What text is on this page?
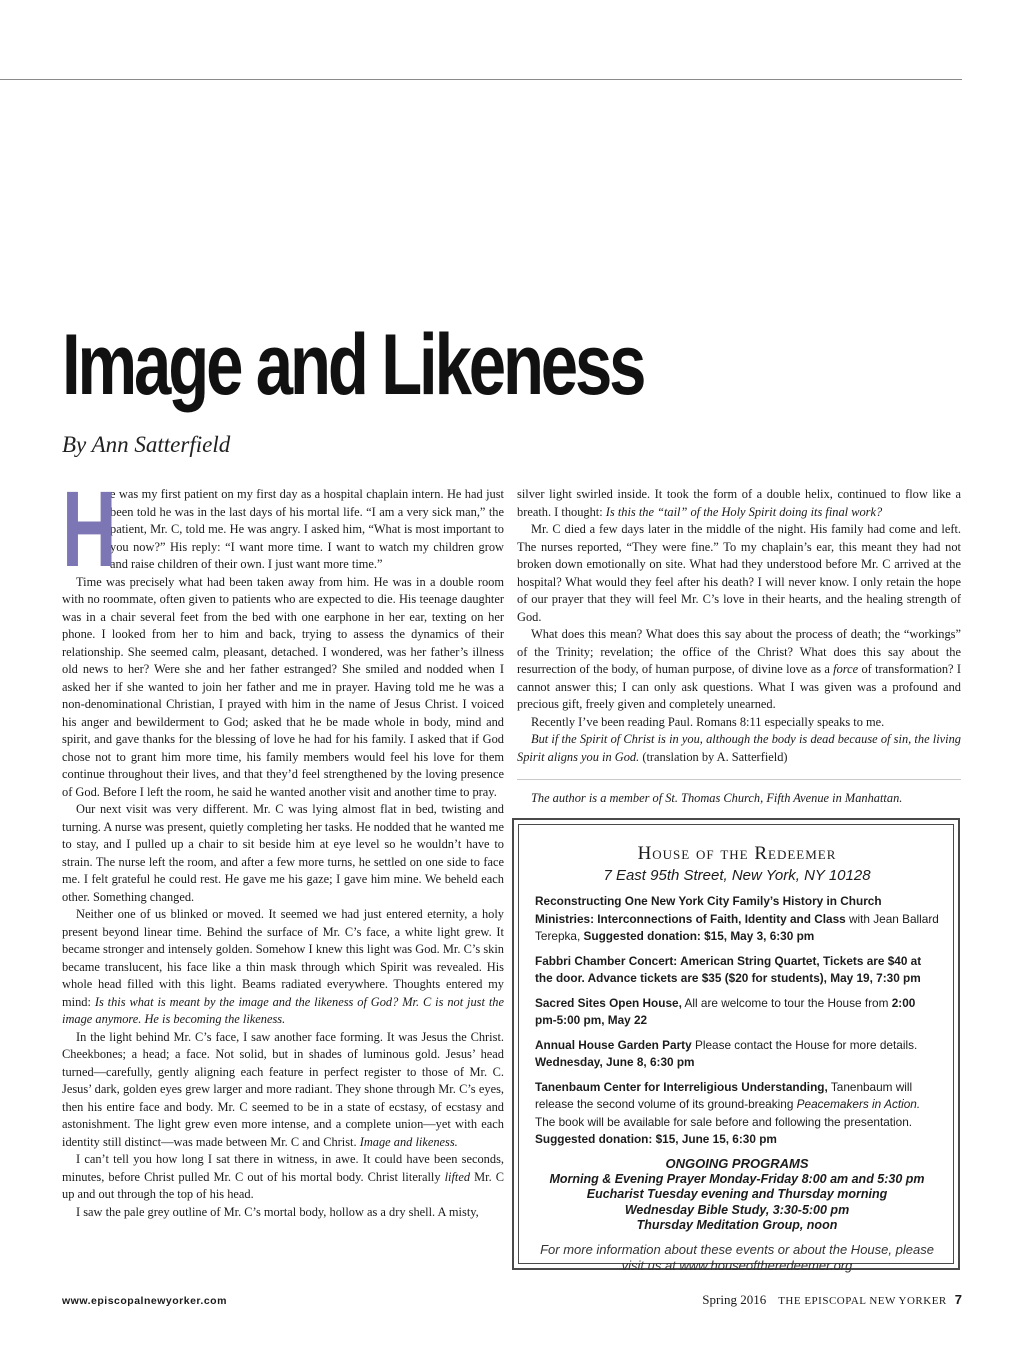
Image and Likeness

By Ann Satterfield

H
e was my first patient on my first day as a hospital chaplain intern. He had just been told he was in the last days of his mortal life. “I am a very sick man,” the patient, Mr. C, told me. He was angry. I asked him, “What is most important to you now?” His reply: “I want more time. I want to watch my children grow and raise children of their own. I just want more time.”

Time was precisely what had been taken away from him. He was in a double room with no roommate, often given to patients who are expected to die. His teenage daughter was in a chair several feet from the bed with one earphone in her ear, texting on her phone. I looked from her to him and back, trying to assess the dynamics of their relationship. She seemed calm, pleasant, detached. I wondered, was her father’s illness old news to her? Were she and her father estranged? She smiled and nodded when I asked her if she wanted to join her father and me in prayer. Having told me he was a non-denominational Christian, I prayed with him in the name of Jesus Christ. I voiced his anger and bewilderment to God; asked that he be made whole in body, mind and spirit, and gave thanks for the blessing of love he had for his family. I asked that if God chose not to grant him more time, his family members would feel his love for them continue throughout their lives, and that they’d feel strengthened by the loving presence of God. Before I left the room, he said he wanted another visit and another time to pray.

Our next visit was very different. Mr. C was lying almost flat in bed, twisting and turning. A nurse was present, quietly completing her tasks. He nodded that he wanted me to stay, and I pulled up a chair to sit beside him at eye level so he wouldn’t have to strain. The nurse left the room, and after a few more turns, he settled on one side to face me. I felt grateful he could rest. He gave me his gaze; I gave him mine. We beheld each other. Something changed.

Neither one of us blinked or moved. It seemed we had just entered eternity, a holy present beyond linear time. Behind the surface of Mr. C’s face, a white light grew. It became stronger and intensely golden. Somehow I knew this light was God. Mr. C’s skin became translucent, his face like a thin mask through which Spirit was revealed. His whole head filled with this light. Beams radiated everywhere. Thoughts entered my mind: Is this what is meant by the image and the likeness of God? Mr. C is not just the image anymore. He is becoming the likeness.

In the light behind Mr. C’s face, I saw another face forming. It was Jesus the Christ. Cheekbones; a head; a face. Not solid, but in shades of luminous gold. Jesus’ head turned—carefully, gently aligning each feature in perfect register to those of Mr. C. Jesus’ dark, golden eyes grew larger and more radiant. They shone through Mr. C’s eyes, then his entire face and body. Mr. C seemed to be in a state of ecstasy, of ecstasy and astonishment. The light grew even more intense, and a complete union—yet with each identity still distinct—was made between Mr. C and Christ. Image and likeness.

I can’t tell you how long I sat there in witness, in awe. It could have been seconds, minutes, before Christ pulled Mr. C out of his mortal body. Christ literally lifted Mr. C up and out through the top of his head.

I saw the pale grey outline of Mr. C’s mortal body, hollow as a dry shell. A misty,

silver light swirled inside. It took the form of a double helix, continued to flow like a breath. I thought: Is this the “tail” of the Holy Spirit doing its final work?

Mr. C died a few days later in the middle of the night. His family had come and left. The nurses reported, “They were fine.” To my chaplain’s ear, this meant they had not broken down emotionally on site. What had they understood before Mr. C arrived at the hospital? What would they feel after his death? I will never know. I only retain the hope of our prayer that they will feel Mr. C’s love in their hearts, and the healing strength of God.

What does this mean? What does this say about the process of death; the “workings” of the Trinity; revelation; the office of the Christ? What does this say about the resurrection of the body, of human purpose, of divine love as a force of transformation? I cannot answer this; I can only ask questions. What I was given was a profound and precious gift, freely given and completely unearned.

Recently I’ve been reading Paul. Romans 8:11 especially speaks to me.

But if the Spirit of Christ is in you, although the body is dead because of sin, the living Spirit aligns you in God. (translation by A. Satterfield)

The author is a member of St. Thomas Church, Fifth Avenue in Manhattan.

House of the Redeemer

7 East 95th Street, New York, NY 10128

Reconstructing One New York City Family’s History in Church Ministries: Interconnections of Faith, Identity and Class with Jean Ballard Terepka, Suggested donation: $15, May 3, 6:30 pm

Fabbri Chamber Concert: American String Quartet, Tickets are $40 at the door. Advance tickets are $35 ($20 for students), May 19, 7:30 pm

Sacred Sites Open House, All are welcome to tour the House from 2:00 pm-5:00 pm, May 22

Annual House Garden Party Please contact the House for more details. Wednesday, June 8, 6:30 pm

Tanenbaum Center for Interreligious Understanding, Tanenbaum will release the second volume of its ground-breaking Peacemakers in Action. The book will be available for sale before and following the presentation. Suggested donation: $15, June 15, 6:30 pm

ONGOING PROGRAMS

Morning & Evening Prayer Monday-Friday 8:00 am and 5:30 pm

Eucharist Tuesday evening and Thursday morning

Wednesday Bible Study, 3:30-5:00 pm

Thursday Meditation Group, noon

For more information about these events or about the House, please visit us at www.houseoftheredeemer.org

www.episcopalnewyorker.com	Spring 2016 THE EPISCOPAL NEW YORKER 7
